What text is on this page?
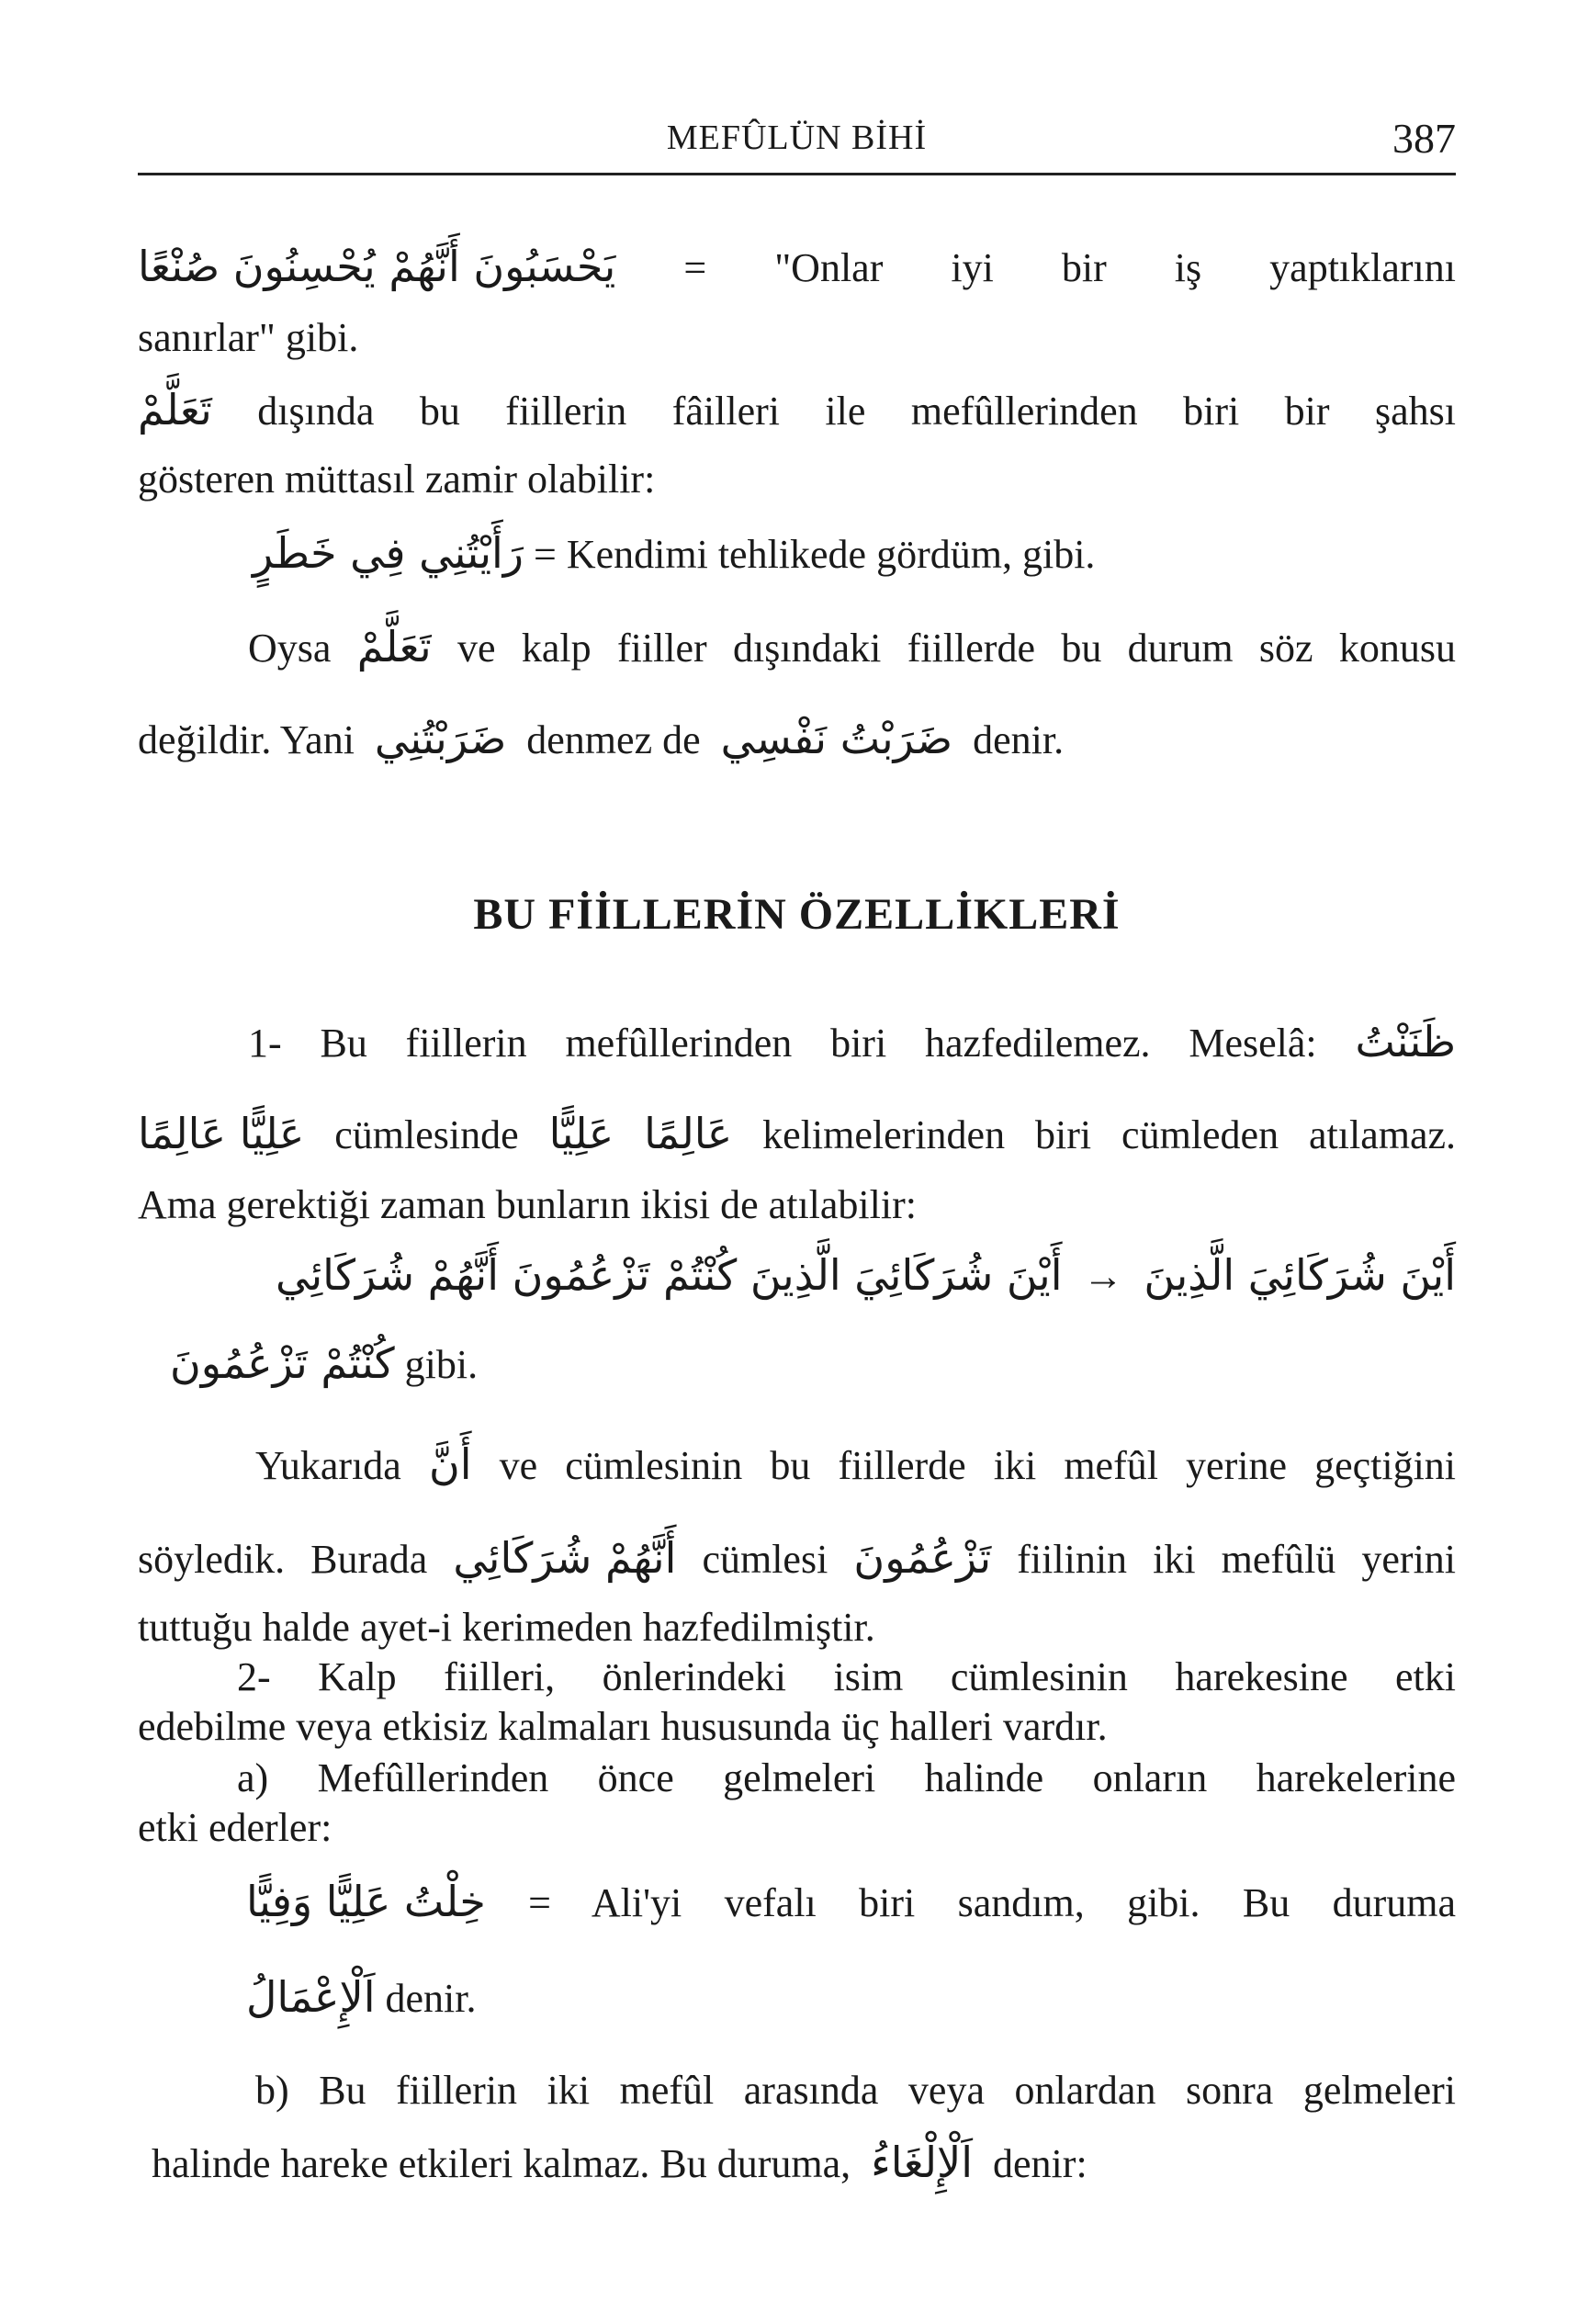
MEFÛLÜN BİHİ	387
يَحْسَبُونَ أَنَّهُمْ يُحْسِنُونَ صُنْعًا = "Onlar iyi bir iş yaptıklarını
sanırlar" gibi.
تَعَلَّمْ dışında bu fiillerin fâilleri ile mefûllerinden biri bir şahsı
gösteren müttasıl zamir olabilir:
رَأَيْتُنِي فِي خَطَرٍ = Kendimi tehlikede gördüm, gibi.
Oysa تَعَلَّمْ ve kalp fiiller dışındaki fiillerde bu durum söz konusu
değildir. Yani ضَرَبْتُنِي denmez de ضَرَبْتُ نَفْسِي denir.
BU FİİLLERİN ÖZELLİKLERİ
1- Bu fiillerin mefûllerinden biri hazfedilemez. Meselâ: ظَنَنْتُ
عَلِيًّا عَالِمًا cümlesinde عَلِيًّا عَالِمًا kelimelerinden biri cümleden atılamaz.
Ama gerektiği zaman bunların ikisi de atılabilir:
أَيْنَ شُرَكَائِيَ الَّذِينَ كُنْتُمْ تَزْعُمُونَ أَنَّهُمْ شُرَكَائِي → أَيْنَ شُرَكَائِيَ الَّذِينَ
كُنْتُمْ تَزْعُمُونَ gibi.
Yukarıda أَنَّ ve cümlesinin bu fiillerde iki mefûl yerine geçtiğini
söyledik. Burada أَنَّهُمْ شُرَكَائِي cümlesi تَزْعُمُونَ fiilinin iki mefûlü yerini
tuttuğu halde ayet-i kerimeden hazfedilmiştir.
2- Kalp fiilleri, önlerindeki isim cümlesinin harekesine etki
edebilme veya etkisiz kalmaları hususunda üç halleri vardır.
a) Mefûllerinden önce gelmeleri halinde onların harekelerine
etki ederler:
خِلْتُ عَلِيًّا وَفِيًّا = Ali'yi vefalı biri sandım, gibi. Bu duruma
اَلْإِعْمَالُ denir.
b) Bu fiillerin iki mefûl arasında veya onlardan sonra gelmeleri
halinde hareke etkileri kalmaz. Bu duruma, اَلْإِلْغَاءُ denir:
